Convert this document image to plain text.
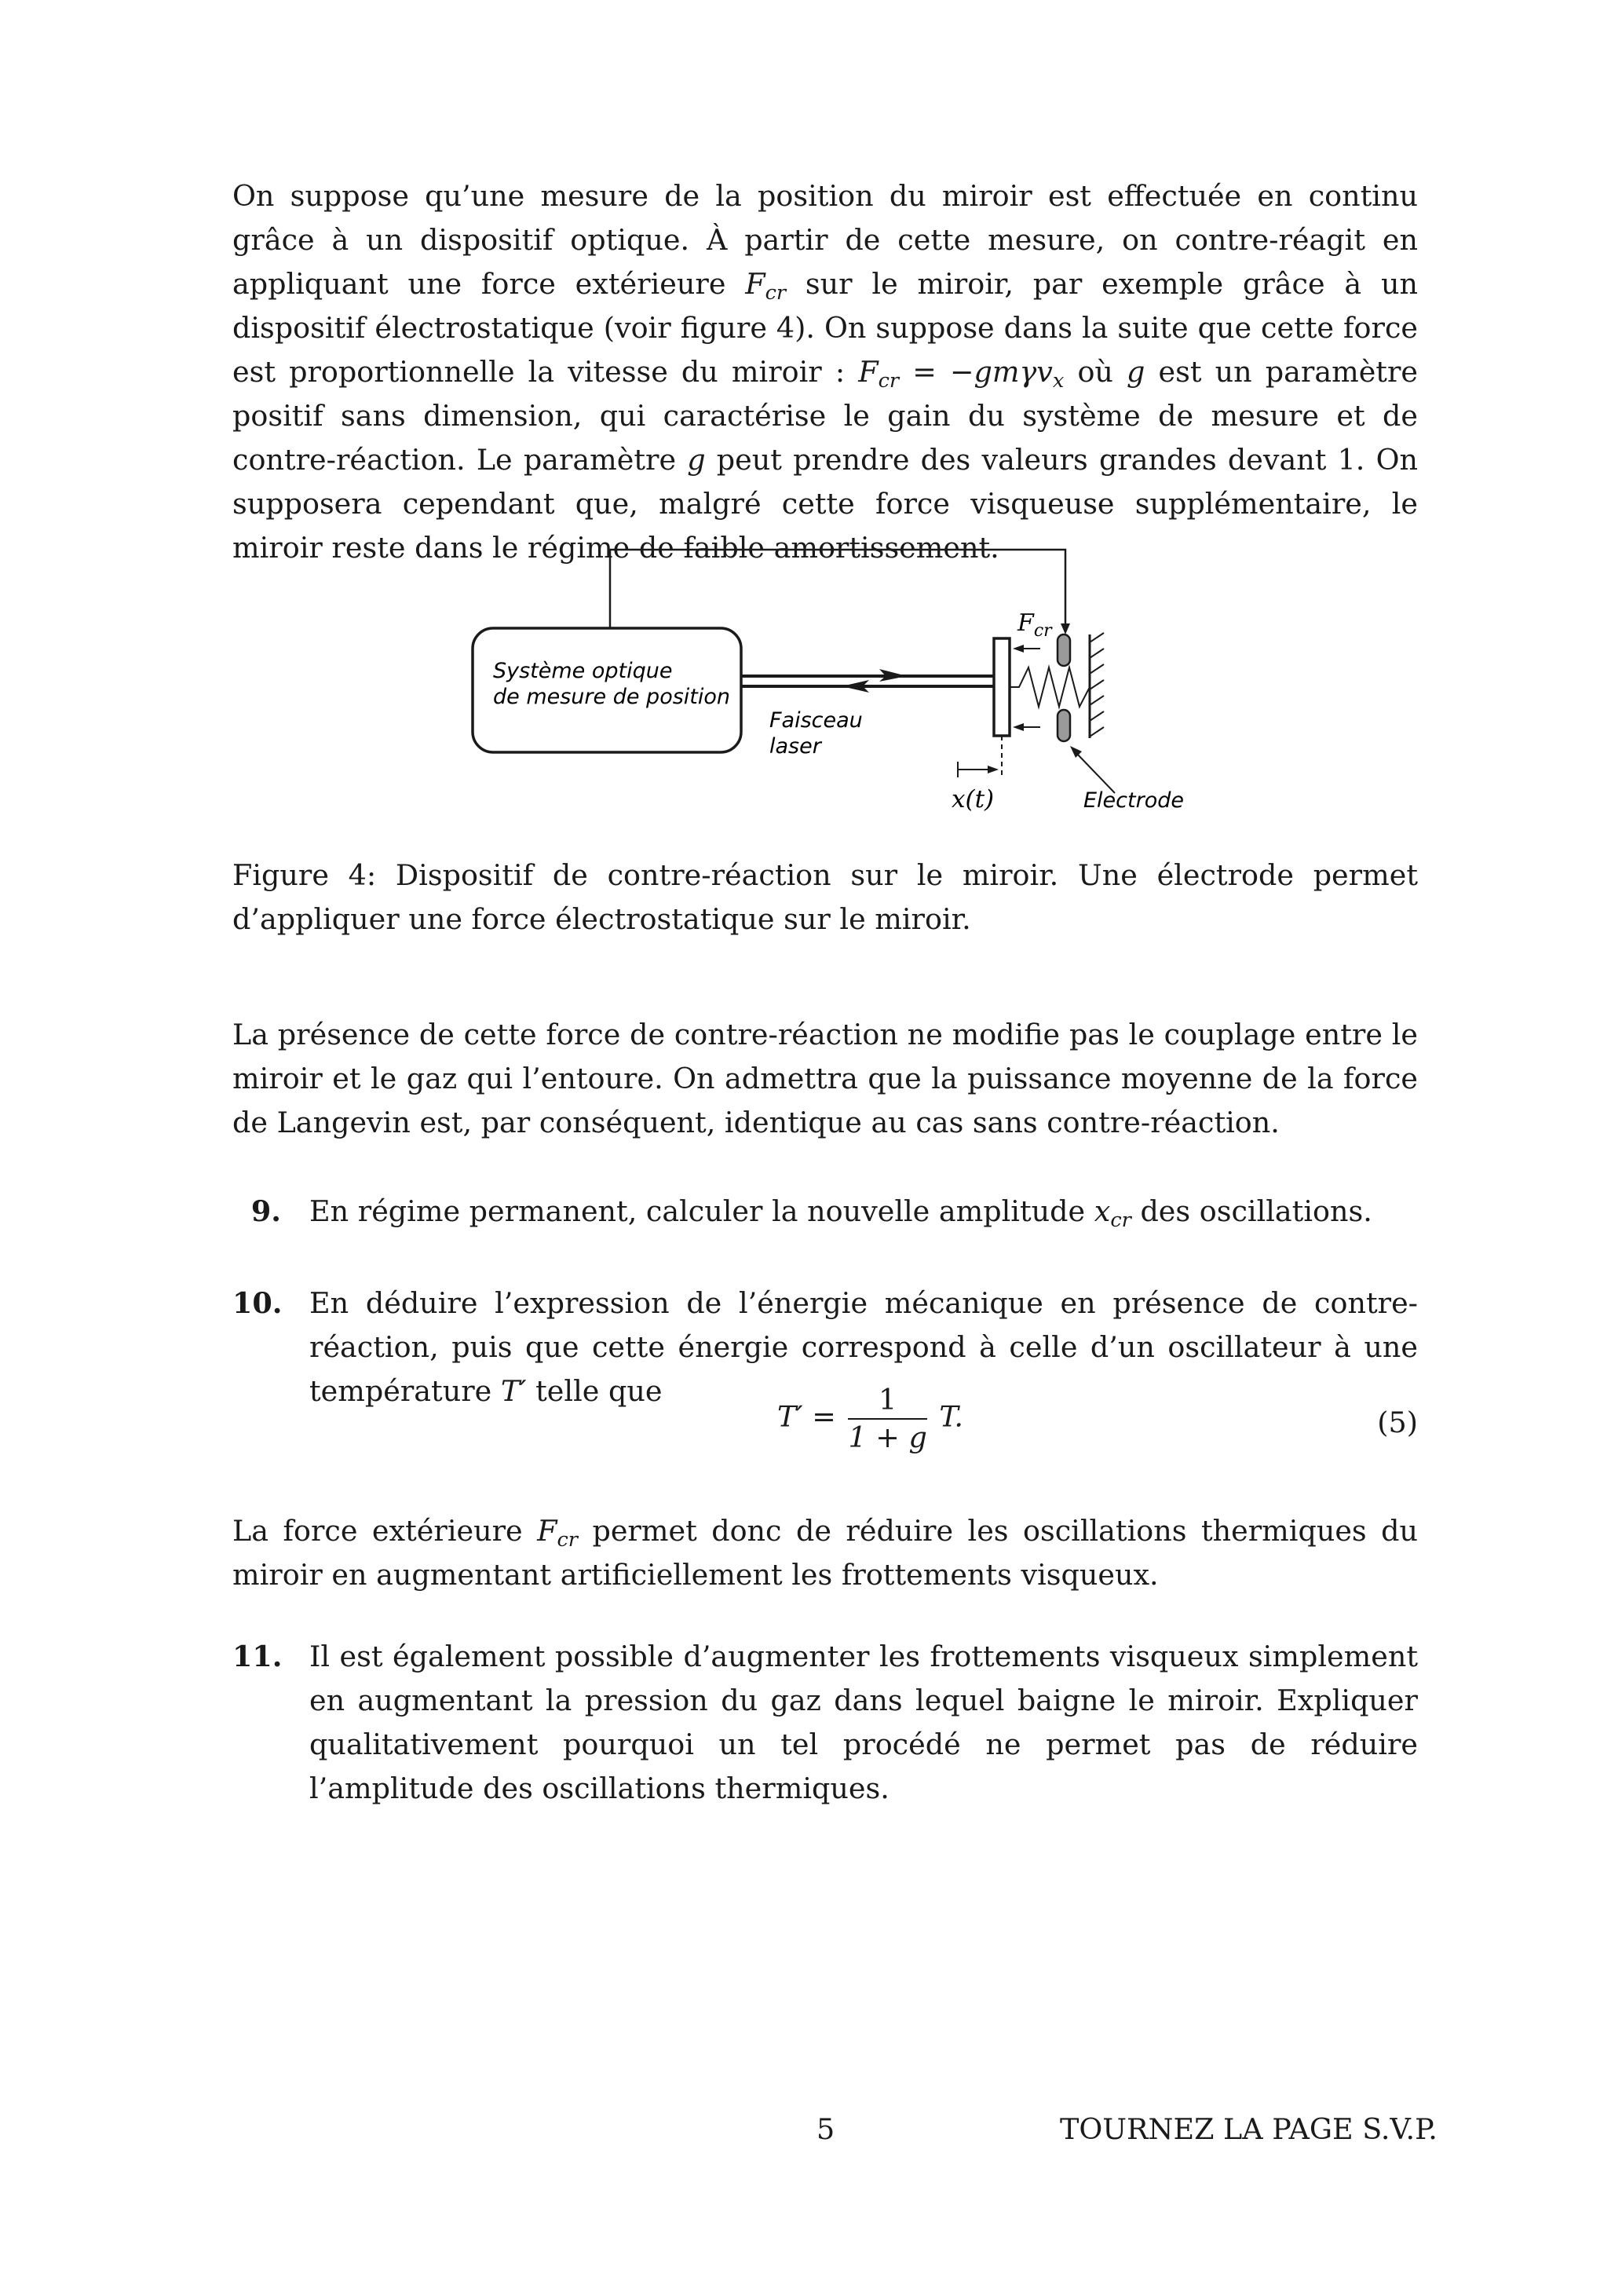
On suppose qu’une mesure de la position du miroir est effectuée en continu grâce à un dispositif optique. À partir de cette mesure, on contre-réagit en appliquant une force extérieure $F_{cr}$ sur le miroir, par exemple grâce à un dispositif électrostatique (voir figure 4). On suppose dans la suite que cette force est proportionnelle la vitesse du miroir : $F_{cr} = -gm\gamma v_x$ où g est un paramètre positif sans dimension, qui caractérise le gain du système de mesure et de contre-réaction. Le paramètre g peut prendre des valeurs grandes devant 1. On supposera cependant que, malgré cette force visqueuse supplémentaire, le miroir reste dans le régime de faible amortissement.
Système optique
de mesure de position
Faisceau
laser
$F_{cr}$
x(t)	Electrode
Figure 4: Dispositif de contre-réaction sur le miroir. Une électrode permet d’appliquer une force électrostatique sur le miroir.
La présence de cette force de contre-réaction ne modifie pas le couplage entre le miroir et le gaz qui l’entoure. On admettra que la puissance moyenne de la force de Langevin est, par conséquent, identique au cas sans contre-réaction.
9. En régime permanent, calculer la nouvelle amplitude $x_{cr}$ des oscillations.
10. En déduire l’expression de l’énergie mécanique en présence de contre-réaction, puis que cette énergie correspond à celle d’un oscillateur à une température T′ telle que
$T' = \frac{1}{1 + g} T$.	(5)
La force extérieure $F_{cr}$ permet donc de réduire les oscillations thermiques du miroir en augmentant artificiellement les frottements visqueux.
11. Il est également possible d’augmenter les frottements visqueux simplement en augmentant la pression du gaz dans lequel baigne le miroir. Expliquer qualitativement pourquoi un tel procédé ne permet pas de réduire l’amplitude des oscillations thermiques.
5	TOURNEZ LA PAGE S.V.P.
